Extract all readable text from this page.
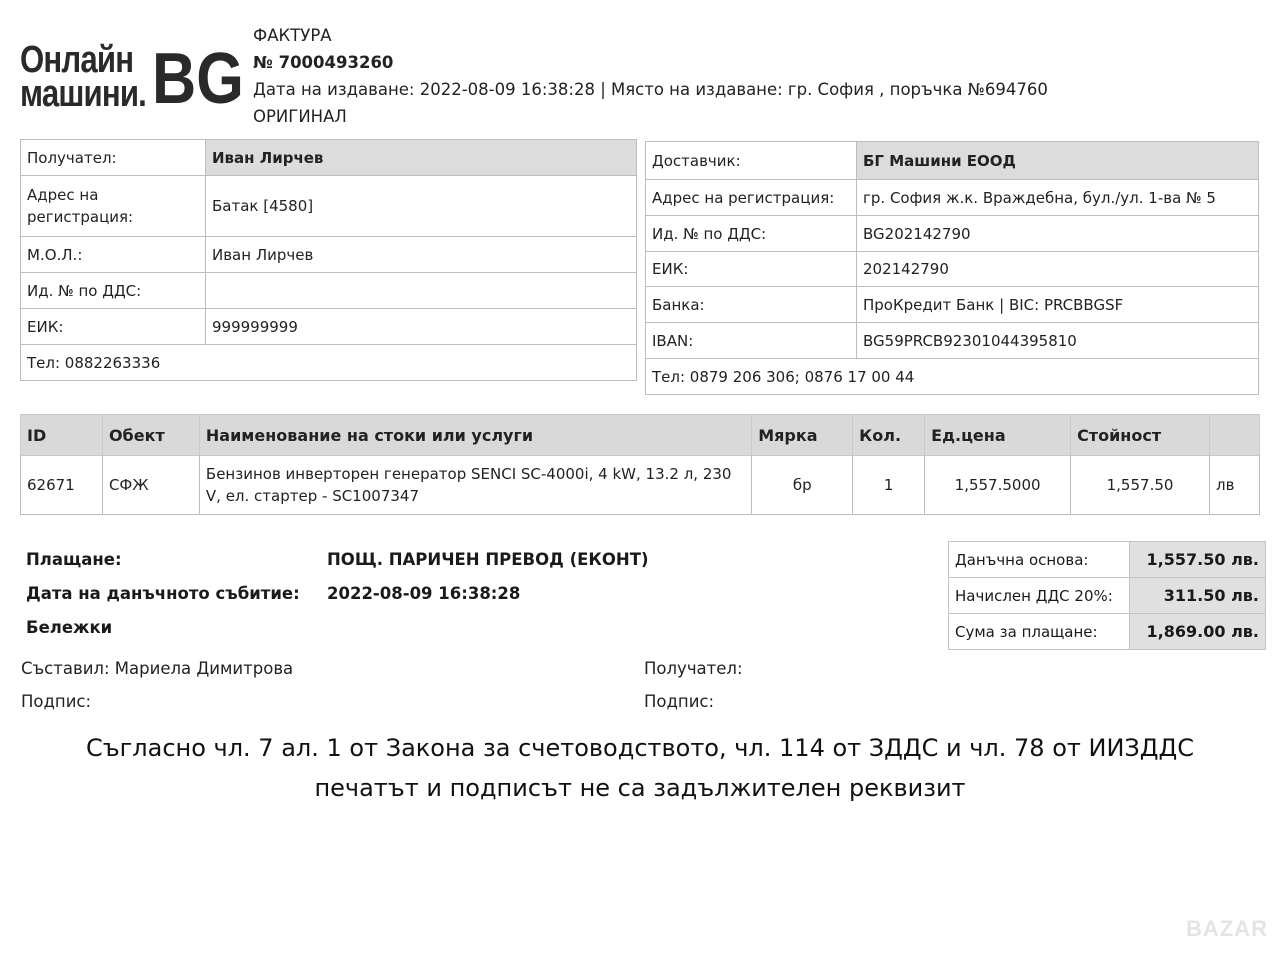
Онлайн
машини. BG
ФАКТУРА
№ 7000493260
Дата на издаване: 2022-08-09 16:38:28 | Място на издаване: гр. София , поръчка №694760
ОРИГИНАЛ
Получател:	Иван Лирчев
Адрес на регистрация:	Батак [4580]
М.О.Л.:	Иван Лирчев
Ид. № по ДДС:	
ЕИК:	999999999
Тел: 0882263336	
Доставчик:	БГ Машини ЕООД
Адрес на регистрация:	гр. София ж.к. Враждебна, бул./ул. 1-ва № 5
Ид. № по ДДС:	BG202142790
ЕИК:	202142790
Банка:	ПроКредит Банк | BIC: PRCBBGSF
IBAN:	BG59PRCB92301044395810
Тел: 0879 206 306; 0876 17 00 44	
ID	Обект	Наименование на стоки или услуги	Мярка	Кол.	Ед.цена	Стойност	
62671	СФЖ	Бензинов инверторен генератор SENCI SC-4000i, 4 kW, 13.2 л, 230 V, ел. стартер - SC1007347	бр	1	1,557.5000	1,557.50	лв
Плащане:	ПОЩ. ПАРИЧЕН ПРЕВОД (ЕКОНТ)
Дата на данъчното събитие: 2022-08-09 16:38:28
Бележки
Данъчна основа:	1,557.50 лв.
Начислен ДДС 20%:	311.50 лв.
Сума за плащане:	1,869.00 лв.
Съставил: Мариела Димитрова	Получател:
Подпис:	Подпис:
Съгласно чл. 7 ал. 1 от Закона за счетоводството, чл. 114 от ЗДДС и чл. 78 от ИИЗДДС
печатът и подписът не са задължителен реквизит
BAZAR
